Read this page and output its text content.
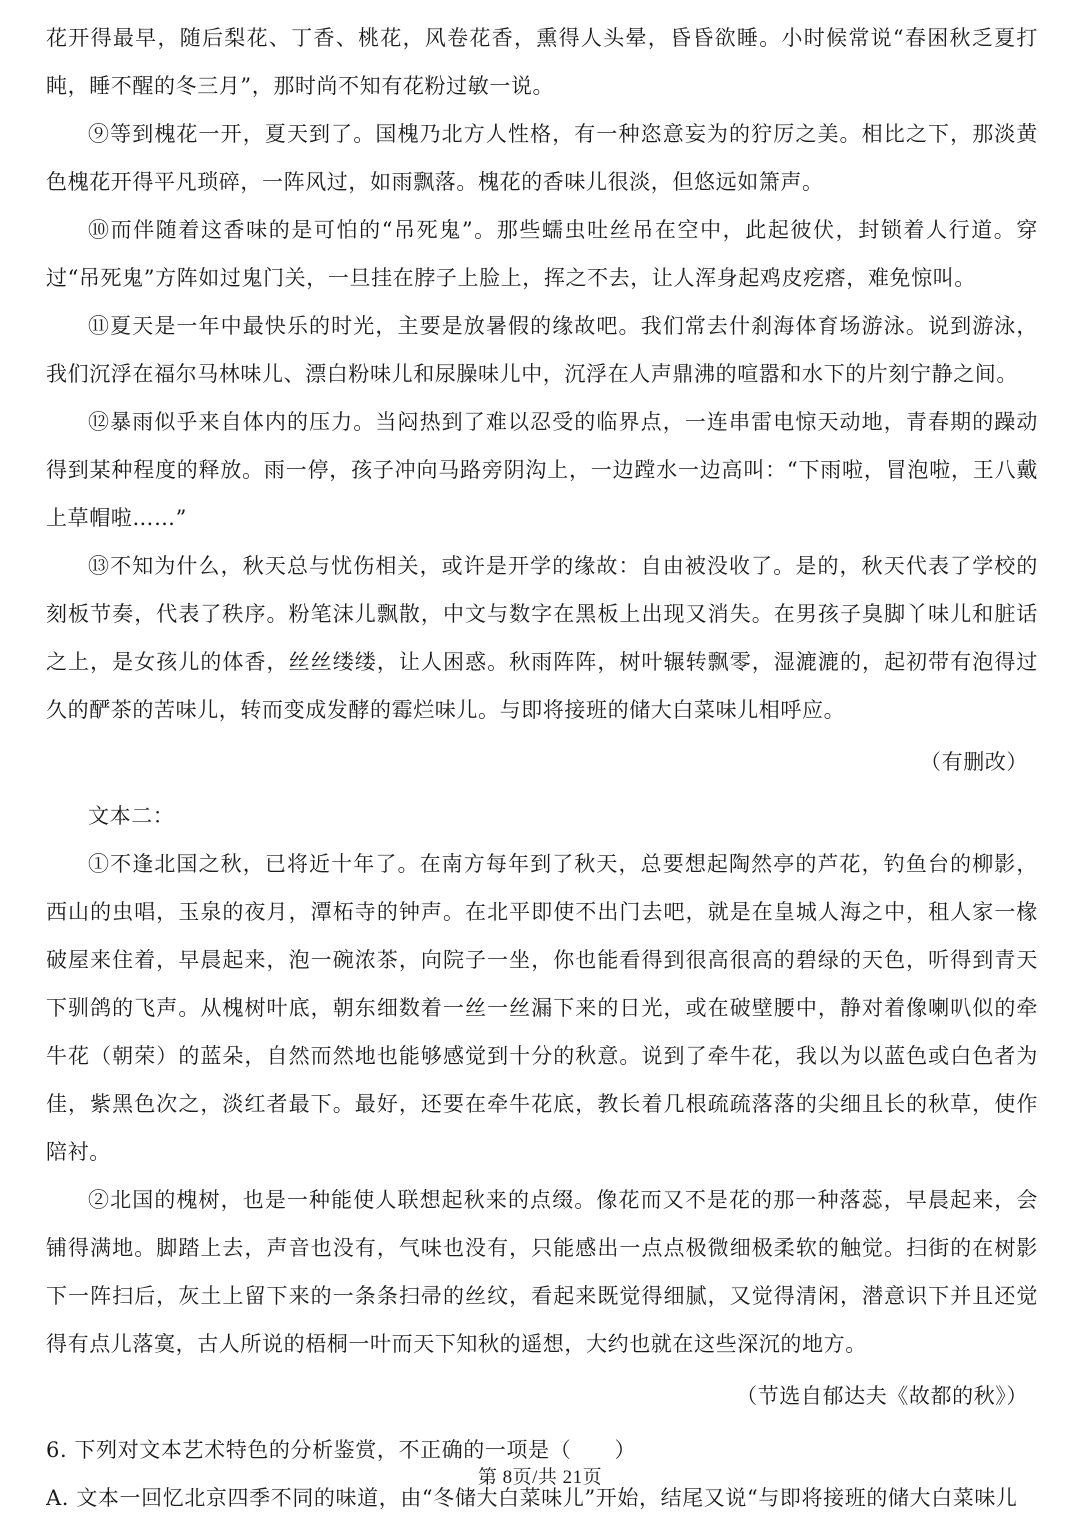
花开得最早，随后梨花、丁香、桃花，风卷花香，熏得人头晕，昏昏欲睡。小时候常说“春困秋乏夏打盹，睡不醒的冬三月”，那时尚不知有花粉过敏一说。

⑨等到槐花一开，夏天到了。国槐乃北方人性格，有一种恣意妄为的狞厉之美。相比之下，那淡黄色槐花开得平凡琐碎，一阵风过，如雨飘落。槐花的香味儿很淡，但悠远如箫声。

⑩而伴随着这香味的是可怕的“吊死鬼”。那些蠕虫吐丝吊在空中，此起彼伏，封锁着人行道。穿过“吊死鬼”方阵如过鬼门关，一旦挂在脖子上脸上，挥之不去，让人浑身起鸡皮疙瘩，难免惊叫。

⑪夏天是一年中最快乐的时光，主要是放暑假的缘故吧。我们常去什刹海体育场游泳。说到游泳，我们沉浮在福尔马林味儿、漂白粉味儿和尿臊味儿中，沉浮在人声鼎沸的喧嚣和水下的片刻宁静之间。

⑫暴雨似乎来自体内的压力。当闷热到了难以忍受的临界点，一连串雷电惊天动地，青春期的躁动得到某种程度的释放。雨一停，孩子冲向马路旁阴沟上，一边蹚水一边高叫：“下雨啦，冒泡啦，王八戴上草帽啦……”

⑬不知为什么，秋天总与忧伤相关，或许是开学的缘故：自由被没收了。是的，秋天代表了学校的刻板节奏，代表了秩序。粉笔沫儿飘散，中文与数字在黑板上出现又消失。在男孩子臭脚丫味儿和脏话之上，是女孩儿的体香，丝丝缕缕，让人困惑。秋雨阵阵，树叶辗转飘零，湿漉漉的，起初带有泡得过久的酽茶的苦味儿，转而变成发酵的霉烂味儿。与即将接班的储大白菜味儿相呼应。

（有删改）
文本二：

①不逢北国之秋，已将近十年了。在南方每年到了秋天，总要想起陶然亭的芦花，钓鱼台的柳影，西山的虫唱，玉泉的夜月，潭柘寺的钟声。在北平即使不出门去吧，就是在皇城人海之中，租人家一椽破屋来住着，早晨起来，泡一碗浓茶，向院子一坐，你也能看得到很高很高的碧绿的天色，听得到青天下驯鸽的飞声。从槐树叶底，朝东细数着一丝一丝漏下来的日光，或在破壁腰中，静对着像喇叭似的牵牛花（朝荣）的蓝朵，自然而然地也能够感觉到十分的秋意。说到了牵牛花，我以为以蓝色或白色者为佳，紫黑色次之，淡红者最下。最好，还要在牵牛花底，教长着几根疏疏落落的尖细且长的秋草，使作陪衬。

②北国的槐树，也是一种能使人联想起秋来的点缀。像花而又不是花的那一种落蕊，早晨起来，会铺得满地。脚踏上去，声音也没有，气味也没有，只能感出一点点极微细极柔软的触觉。扫街的在树影下一阵扫后，灰土上留下来的一条条扫帚的丝纹，看起来既觉得细腻，又觉得清闲，潜意识下并且还觉得有点儿落寞，古人所说的梧桐一叶而天下知秋的遥想，大约也就在这些深沉的地方。

（节选自郁达夫《故都的秋》）
6. 下列对文本艺术特色的分析鉴赏，不正确的一项是（　　）
A. 文本一回忆北京四季不同的味道，由“冬储大白菜味儿”开始，结尾又说“与即将接班的储大白菜味儿
第 8页/共 21页
